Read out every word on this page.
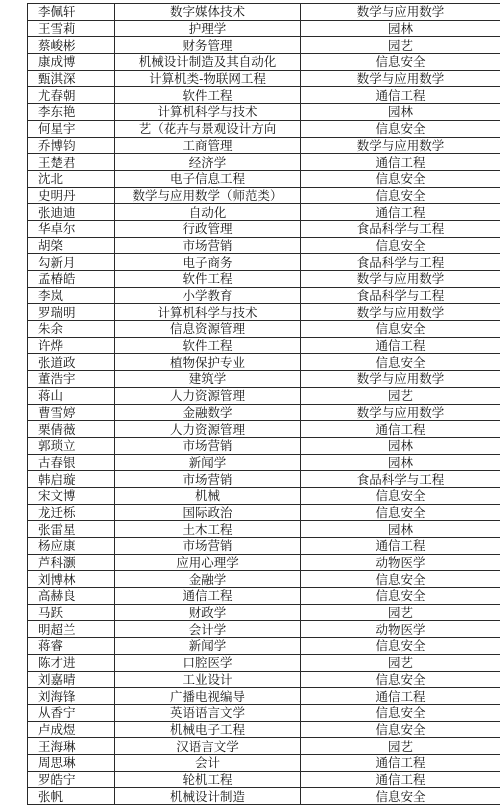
李佩轩	数字媒体技术	数学与应用数学
王雪莉	护理学	园林
蔡峻彬	财务管理	园艺
康成博	机械设计制造及其自动化	信息安全
甄淇深	计算机类-物联网工程	数学与应用数学
尤春朝	软件工程	通信工程
李东艳	计算机科学与技术	园林
何星宇	艺（花卉与景观设计方向	信息安全
乔博钧	工商管理	数学与应用数学
王楚君	经济学	通信工程
沈北	电子信息工程	信息安全
史明丹	数学与应用数学（师范类）	信息安全
张迪迪	自动化	通信工程
华卓尔	行政管理	食品科学与工程
胡棨	市场营销	信息安全
勾新月	电子商务	食品科学与工程
孟椿皓	软件工程	数学与应用数学
李岚	小学教育	食品科学与工程
罗瑞明	计算机科学与技术	数学与应用数学
朱余	信息资源管理	信息安全
许烨	软件工程	通信工程
张道政	植物保护专业	信息安全
董浩宇	建筑学	数学与应用数学
蒋山	人力资源管理	园艺
曹雪婷	金融数学	数学与应用数学
栗倩薇	人力资源管理	通信工程
郭琐立	市场营销	园林
古春银	新闻学	园林
韩启璇	市场营销	食品科学与工程
宋文博	机械	信息安全
龙迁栎	国际政治	信息安全
张雷星	土木工程	园林
杨应康	市场营销	通信工程
芦科灏	应用心理学	动物医学
刘博林	金融学	信息安全
高赫良	通信工程	信息安全
马跃	财政学	园艺
明超兰	会计学	动物医学
蒋睿	新闻学	信息安全
陈才进	口腔医学	园艺
刘嘉晴	工业设计	信息安全
刘海锋	广播电视编导	通信工程
从香宁	英语语言文学	信息安全
卢成煜	机械电子工程	信息安全
王海琳	汉语言文学	园艺
周思琳	会计	通信工程
罗皓宁	轮机工程	通信工程
张帆	机械设计制造	信息安全
